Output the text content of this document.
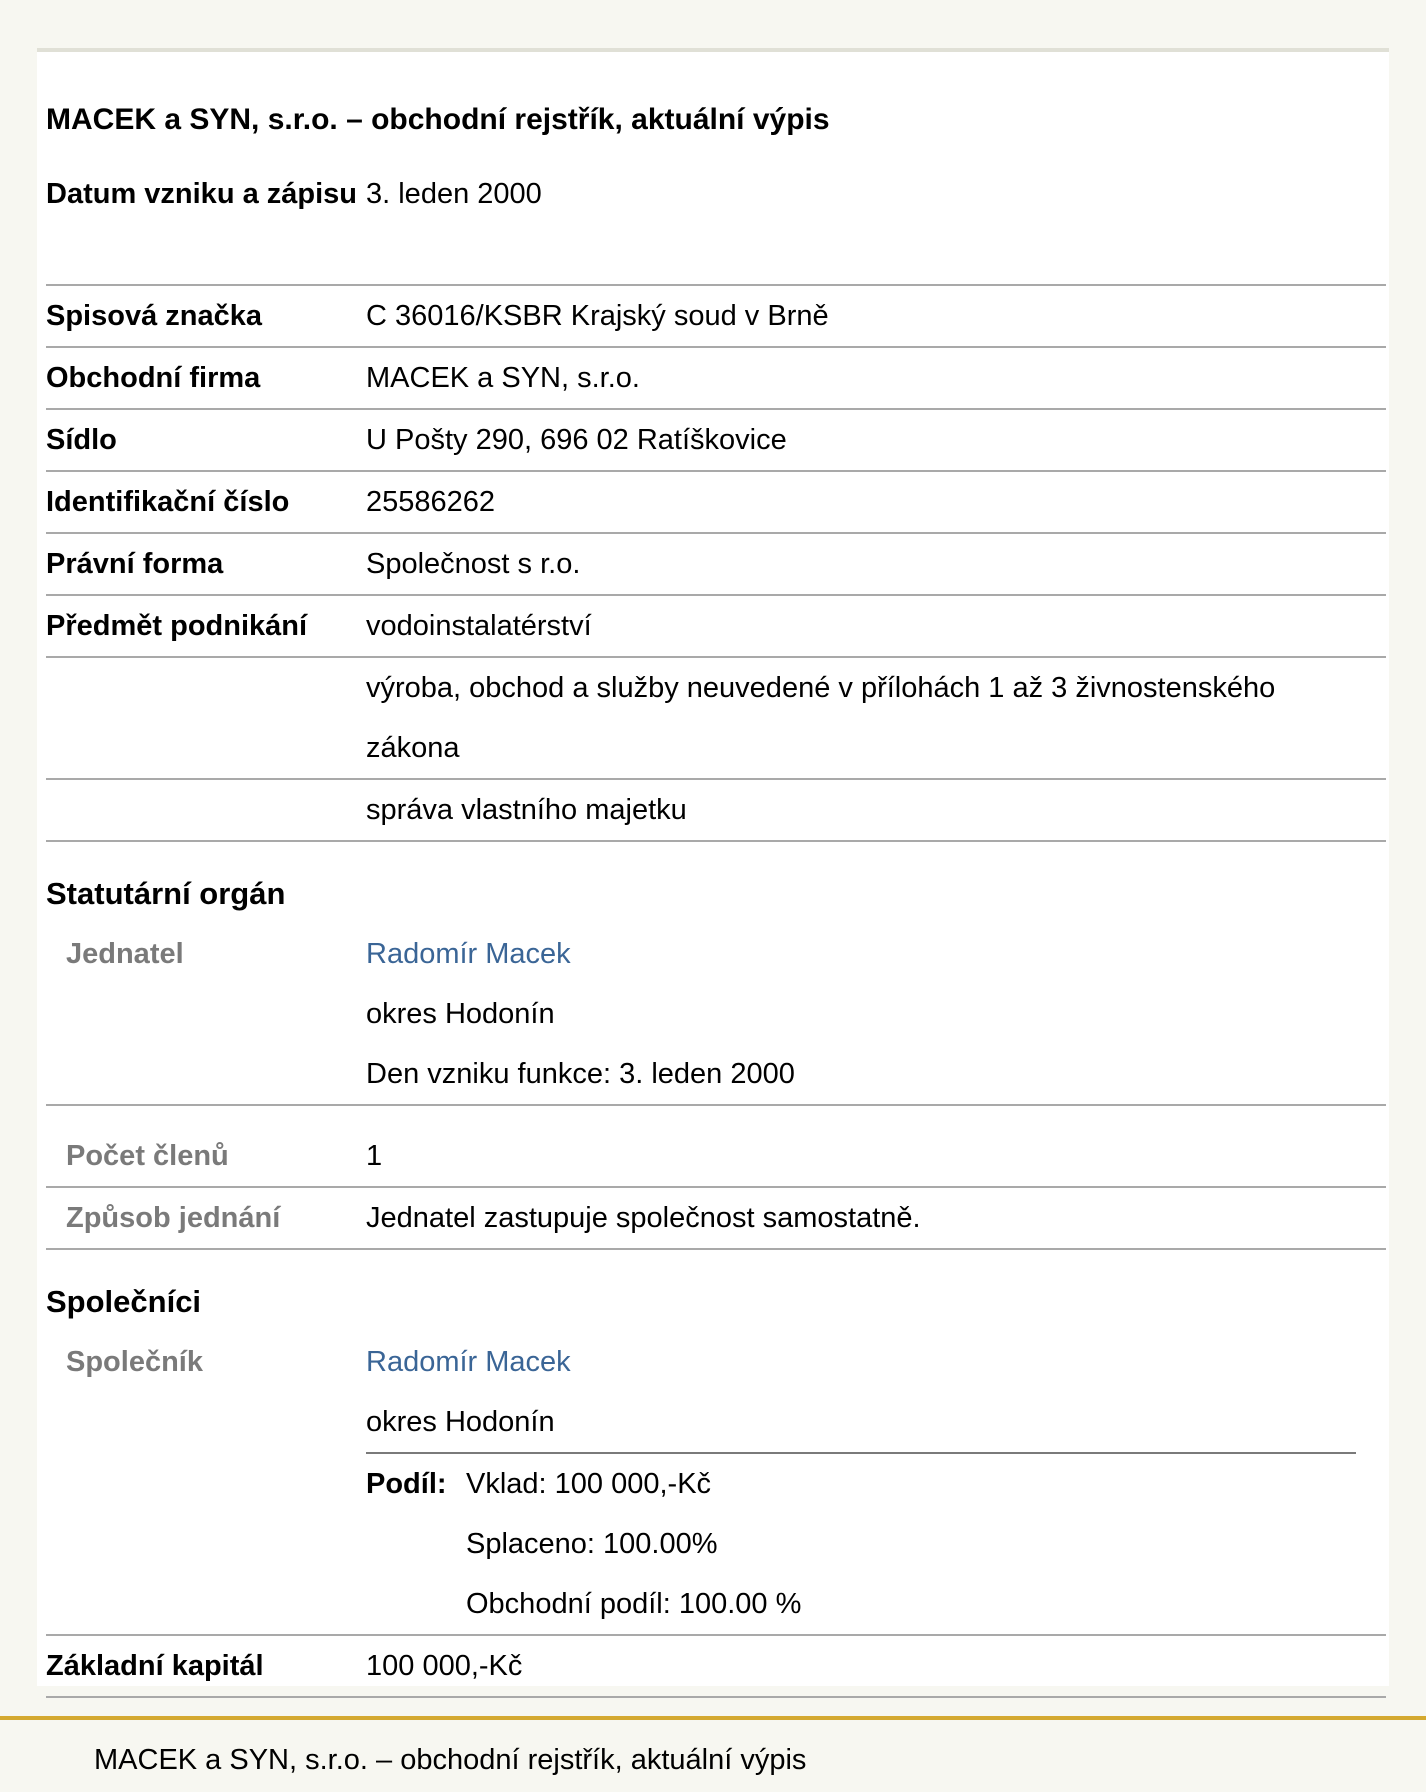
MACEK a SYN, s.r.o. – obchodní rejstřík, aktuální výpis
Datum vzniku a zápisu 3. leden 2000
Spisová značka	C 36016/KSBR Krajský soud v Brně
Obchodní firma	MACEK a SYN, s.r.o.
Sídlo	U Pošty 290, 696 02 Ratíškovice
Identifikační číslo	25586262
Právní forma	Společnost s r.o.
Předmět podnikání	vodoinstalatérství
výroba, obchod a služby neuvedené v přílohách 1 až 3 živnostenského zákona
správa vlastního majetku
Statutární orgán
Jednatel	Radomír Macek
okres Hodonín
Den vzniku funkce: 3. leden 2000
Počet členů	1
Způsob jednání	Jednatel zastupuje společnost samostatně.
Společníci
Společník	Radomír Macek
okres Hodonín
Podíl: Vklad: 100 000,-Kč
Splaceno: 100.00%
Obchodní podíl: 100.00 %
Základní kapitál	100 000,-Kč
MACEK a SYN, s.r.o. – obchodní rejstřík, aktuální výpis
